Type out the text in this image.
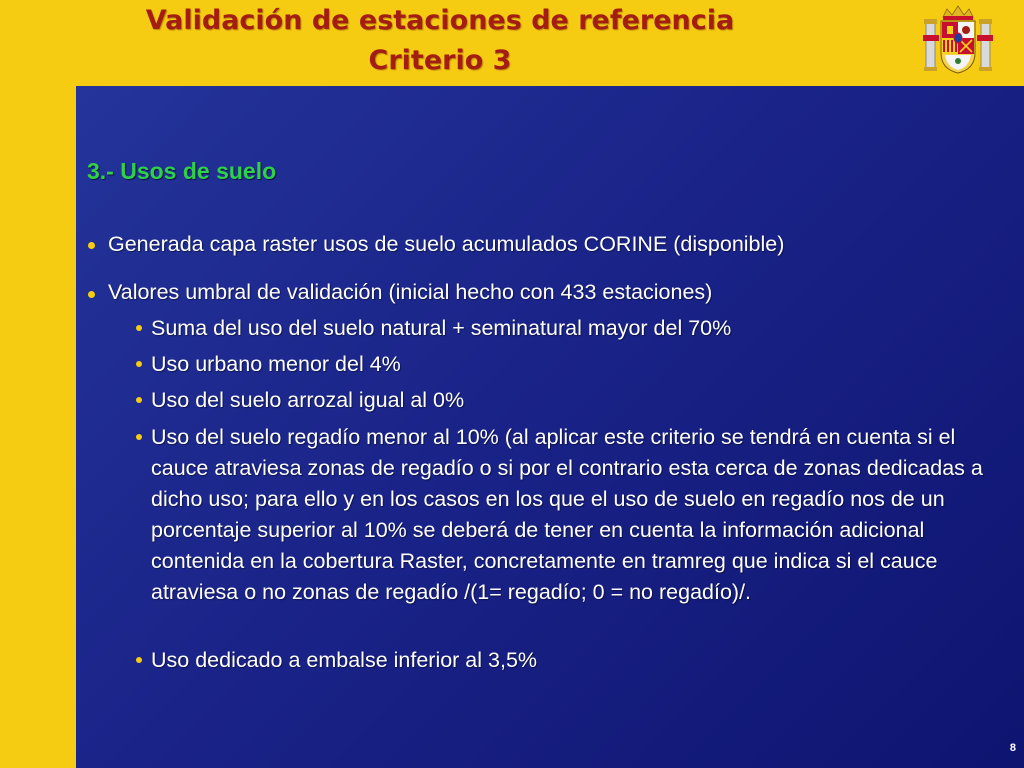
Validación de estaciones de referencia
Criterio 3
3.- Usos de suelo
Generada capa raster usos de suelo acumulados CORINE (disponible)
Valores umbral de validación (inicial hecho con 433 estaciones)
Suma del uso del suelo natural + seminatural mayor del 70%
Uso urbano menor del 4%
Uso del suelo arrozal igual al 0%
Uso del suelo regadío menor al 10% (al aplicar este criterio se tendrá en cuenta si el cauce atraviesa zonas de regadío o si por el contrario esta cerca de zonas dedicadas a dicho uso; para ello y en los casos en los que el uso de suelo en regadío nos de un porcentaje superior al 10% se deberá de tener en cuenta la información adicional contenida en la cobertura Raster, concretamente en tramreg que indica si el cauce atraviesa o no zonas de regadío /(1= regadío; 0 = no regadío)/.
Uso dedicado a embalse inferior al 3,5%
8
